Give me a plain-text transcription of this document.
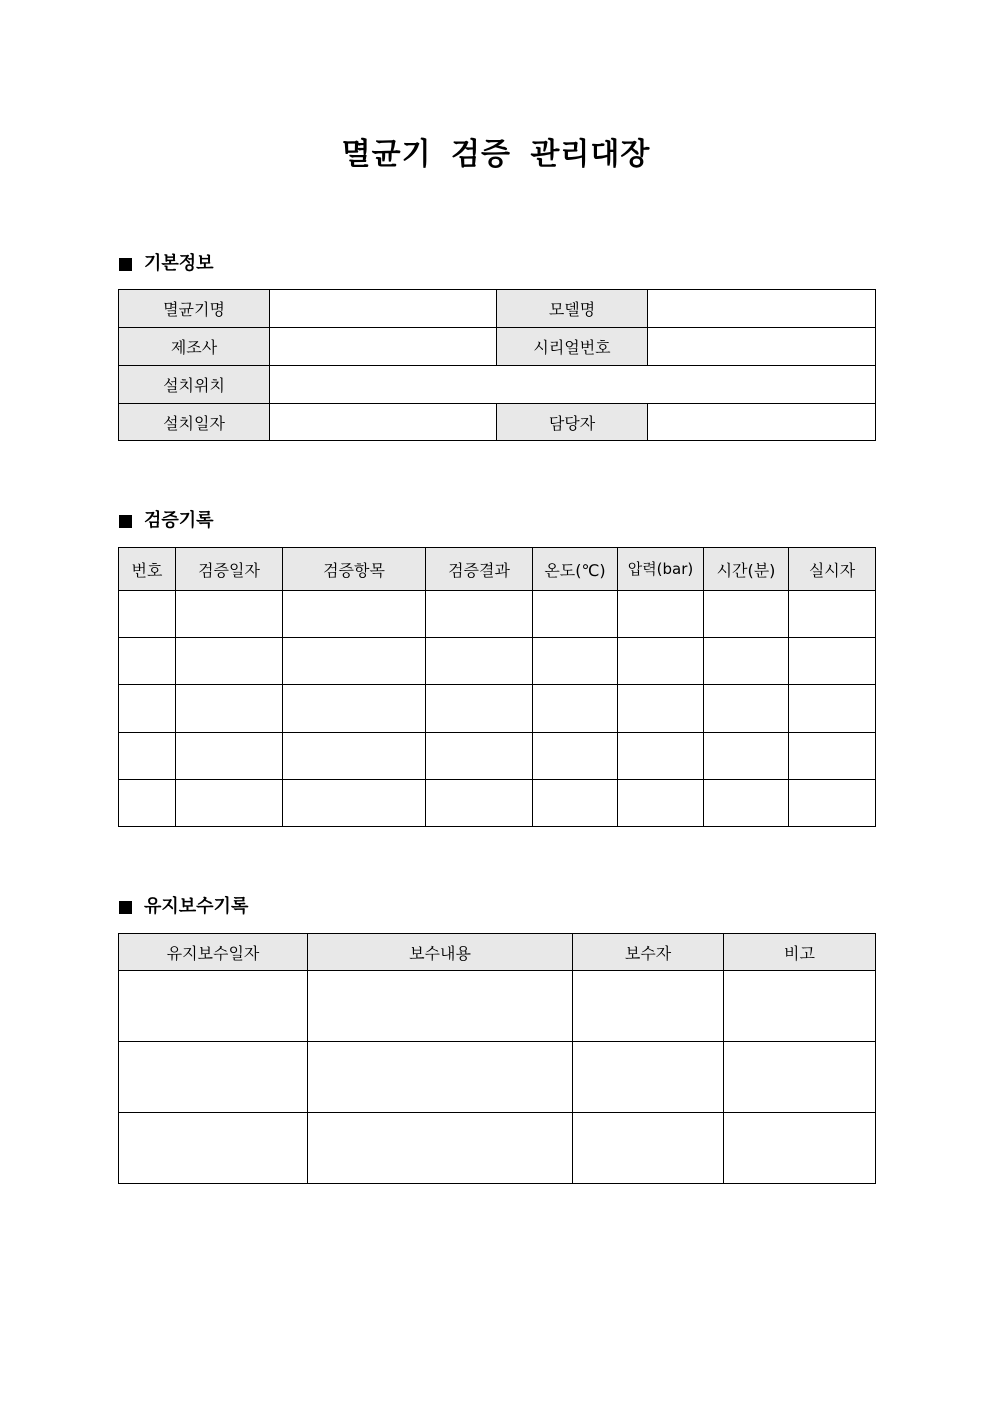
멸균기 검증 관리대장
기본정보
멸균기명		모델명	
제조사		시리얼번호	
설치위치			
설치일자		담당자	
검증기록
번호	검증일자	검증항목	검증결과	온도(℃)	압력(bar)	시간(분)	실시자

유지보수기록
유지보수일자	보수내용	보수자	비고
